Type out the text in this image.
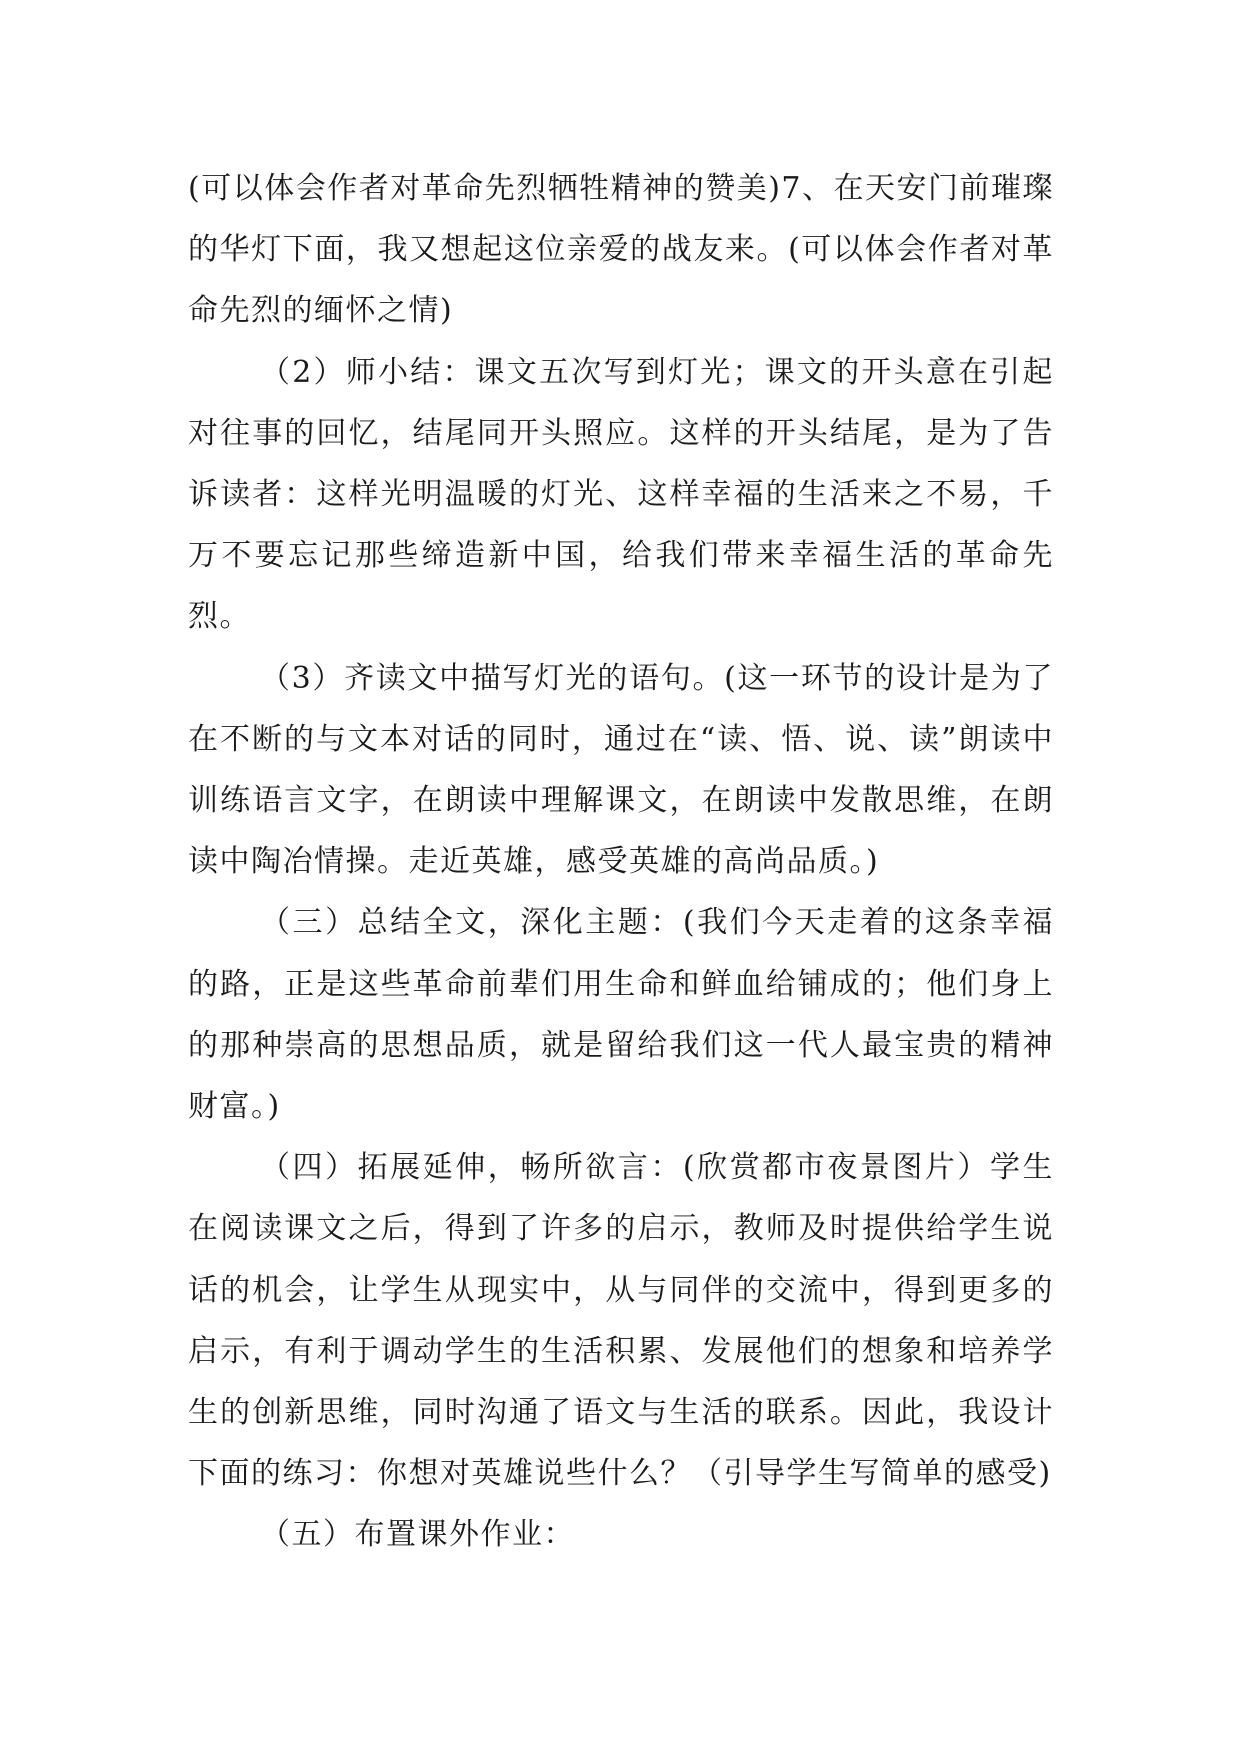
(可以体会作者对革命先烈牺牲精神的赞美)7、在天安门前璀璨的华灯下面，我又想起这位亲爱的战友来。(可以体会作者对革命先烈的缅怀之情)

（2）师小结：课文五次写到灯光；课文的开头意在引起对往事的回忆，结尾同开头照应。这样的开头结尾，是为了告诉读者：这样光明温暖的灯光、这样幸福的生活来之不易，千万不要忘记那些缔造新中国，给我们带来幸福生活的革命先烈。

（3）齐读文中描写灯光的语句。(这一环节的设计是为了在不断的与文本对话的同时，通过在“读、悟、说、读”朗读中训练语言文字，在朗读中理解课文，在朗读中发散思维，在朗读中陶冶情操。走近英雄，感受英雄的高尚品质。)

（三）总结全文，深化主题：(我们今天走着的这条幸福的路，正是这些革命前辈们用生命和鲜血给铺成的；他们身上的那种崇高的思想品质，就是留给我们这一代人最宝贵的精神财富。)

（四）拓展延伸，畅所欲言：(欣赏都市夜景图片）学生在阅读课文之后，得到了许多的启示，教师及时提供给学生说话的机会，让学生从现实中，从与同伴的交流中，得到更多的启示，有利于调动学生的生活积累、发展他们的想象和培养学生的创新思维，同时沟通了语文与生活的联系。因此，我设计下面的练习：你想对英雄说些什么？（引导学生写简单的感受)

（五）布置课外作业：
